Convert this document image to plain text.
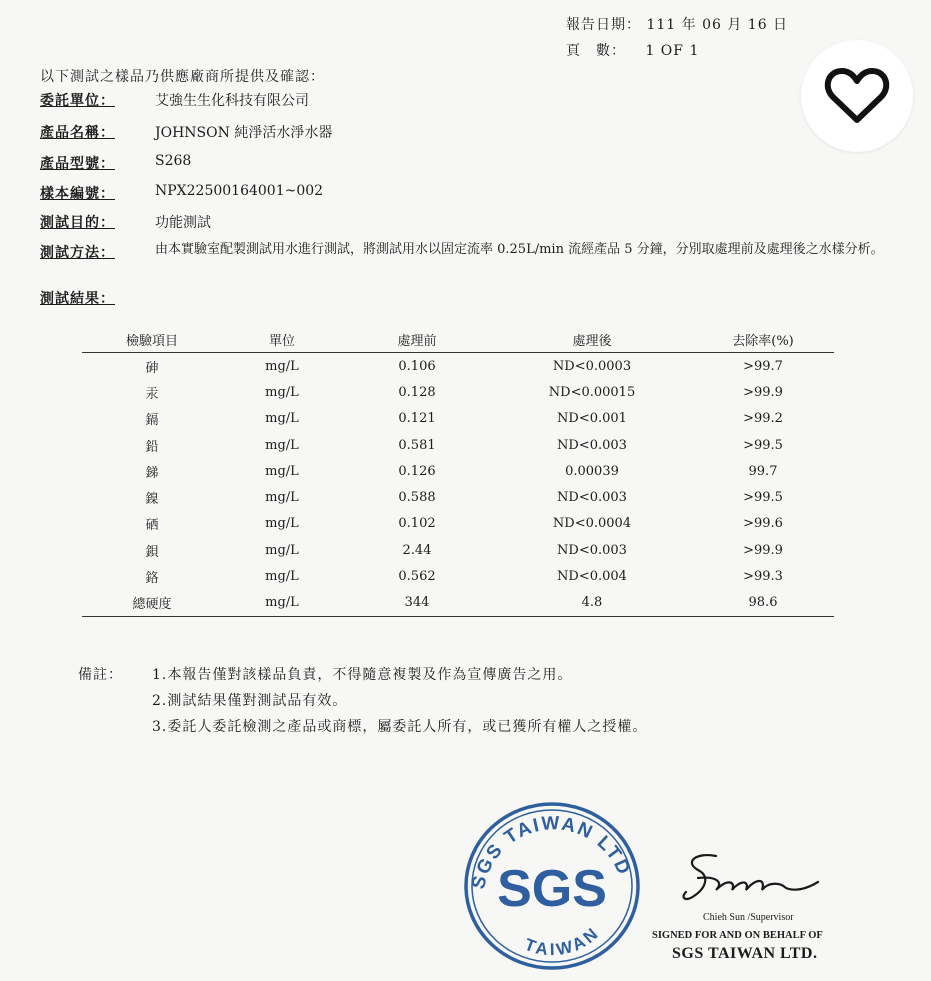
報告日期： 111 年 06 月 16 日
頁　數： 1 OF 1
以下測試之樣品乃供應廠商所提供及確認：
委託單位：	艾強生生化科技有限公司
產品名稱：	JOHNSON 純淨活水淨水器
產品型號：	S268
樣本編號：	NPX22500164001~002
測試目的：	功能測試
測試方法：	由本實驗室配製測試用水進行測試，將測試用水以固定流率 0.25L/min 流經產品 5 分鐘，分別取處理前及處理後之水樣分析。
測試結果：
檢驗項目	單位	處理前	處理後	去除率(%)
砷	mg/L	0.106	ND<0.0003	>99.7
汞	mg/L	0.128	ND<0.00015	>99.9
鎘	mg/L	0.121	ND<0.001	>99.2
鉛	mg/L	0.581	ND<0.003	>99.5
銻	mg/L	0.126	0.00039	99.7
鎳	mg/L	0.588	ND<0.003	>99.5
硒	mg/L	0.102	ND<0.0004	>99.6
鋇	mg/L	2.44	ND<0.003	>99.9
鉻	mg/L	0.562	ND<0.004	>99.3
總硬度	mg/L	344	4.8	98.6
備註： 1.本報告僅對該樣品負責，不得隨意複製及作為宣傳廣告之用。
2.測試結果僅對測試品有效。
3.委託人委託檢測之產品或商標，屬委託人所有，或已獲所有權人之授權。
SGS TAIWAN LTD
SGS
TAIWAN
Chieh Sun /Supervisor
SIGNED FOR AND ON BEHALF OF
SGS TAIWAN LTD.
